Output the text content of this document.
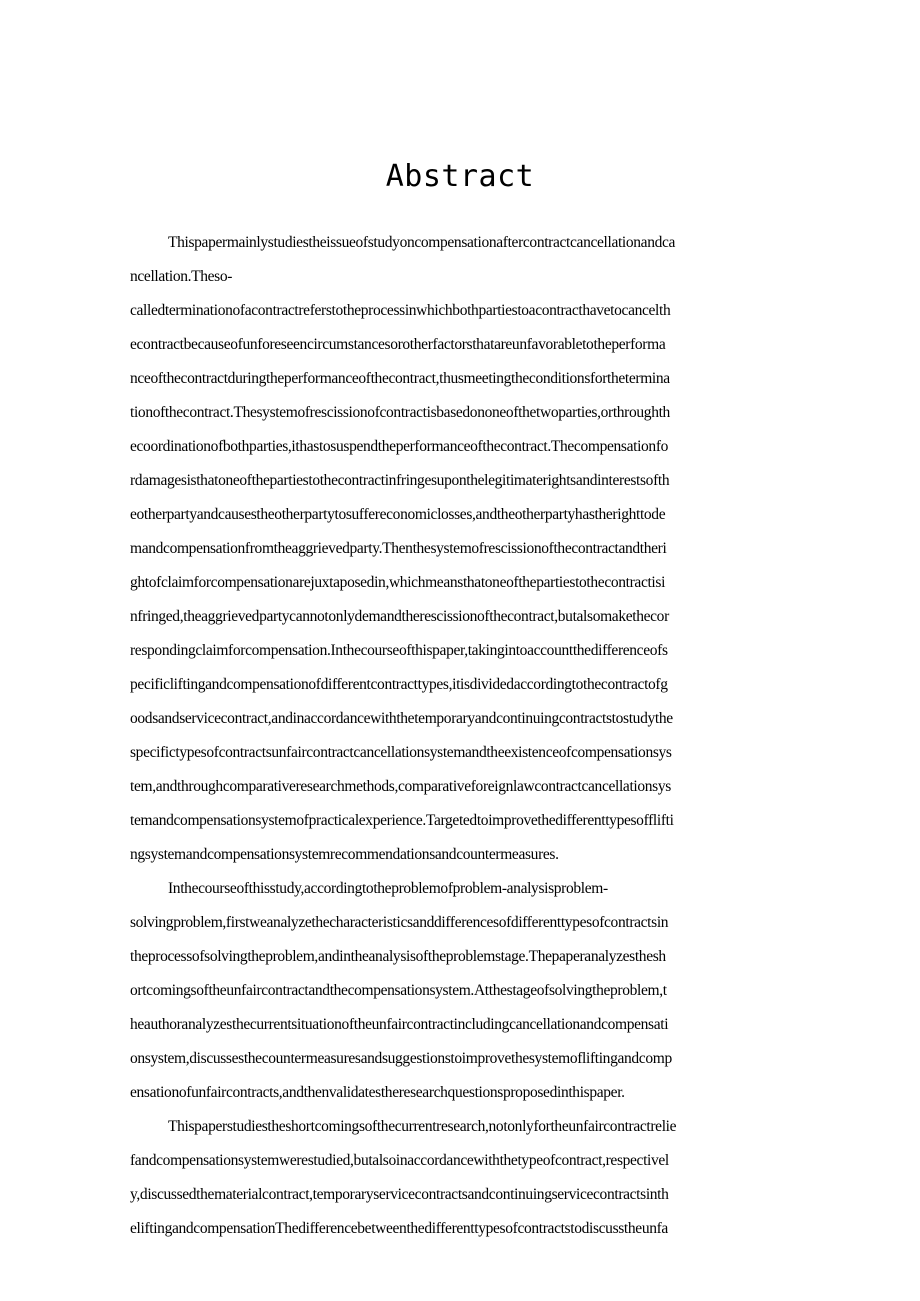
Abstract
Thispapermainlystudiestheissueofstudyoncompensationaftercontractcancellationandca
ncellation.Theso-
calledterminationofacontractreferstotheprocessinwhichbothpartiestoacontracthavetocancelth
econtractbecauseofunforeseencircumstancesorotherfactorsthatareunfavorabletotheperforma
nceofthecontractduringtheperformanceofthecontract,thusmeetingtheconditionsforthetermina
tionofthecontract.Thesystemofrescissionofcontractisbasedononeofthetwoparties,orthroughth
ecoordinationofbothparties,ithastosuspendtheperformanceofthecontract.Thecompensationfo
rdamagesisthatoneofthepartiestothecontractinfringesuponthelegitimaterightsandinterestsofth
eotherpartyandcausestheotherpartytosuffereconomiclosses,andtheotherpartyhastherighttode
mandcompensationfromtheaggrievedparty.Thenthesystemofrescissionofthecontractandtheri
ghtofclaimforcompensationarejuxtaposedin,whichmeansthatoneofthepartiestothecontractisi
nfringed,theaggrievedpartycannotonlydemandtherescissionofthecontract,butalsomakethecor
respondingclaimforcompensation.Inthecourseofthispaper,takingintoaccountthedifferenceofs
pecificliftingandcompensationofdifferentcontracttypes,itisdividedaccordingtothecontractofg
oodsandservicecontract,andinaccordancewiththetemporaryandcontinuingcontractstostudythe
specifictypesofcontractsunfaircontractcancellationsystemandtheexistenceofcompensationsys
tem,andthroughcomparativeresearchmethods,comparativeforeignlawcontractcancellationsys
temandcompensationsystemofpracticalexperience.Targetedtoimprovethedifferenttypesofflifti
ngsystemandcompensationsystemrecommendationsandcountermeasures.
Inthecourseofthisstudy,accordingtotheproblemofproblem-analysisproblem-
solvingproblem,firstweanalyzethecharacteristicsanddifferencesofdifferenttypesofcontractsin
theprocessofsolvingtheproblem,andintheanalysisoftheproblemstage.Thepaperanalyzesthesh
ortcomingsoftheunfaircontractandthecompensationsystem.Atthestageofsolvingtheproblem,t
heauthoranalyzesthecurrentsituationoftheunfaircontractincludingcancellationandcompensati
onsystem,discussesthecountermeasuresandsuggestionstoimprovethesystemofliftingandcomp
ensationofunfaircontracts,andthenvalidatestheresearchquestionsproposedinthispaper.
Thispaperstudiestheshortcomingsofthecurrentresearch,notonlyfortheunfaircontractrelie
fandcompensationsystemwerestudied,butalsoinaccordancewiththetypeofcontract,respectivel
y,discussedthematerialcontract,temporaryservicecontractsandcontinuingservicecontractsinth
eliftingandcompensationThedifferencebetweenthedifferenttypesofcontractstodiscusstheunfa
